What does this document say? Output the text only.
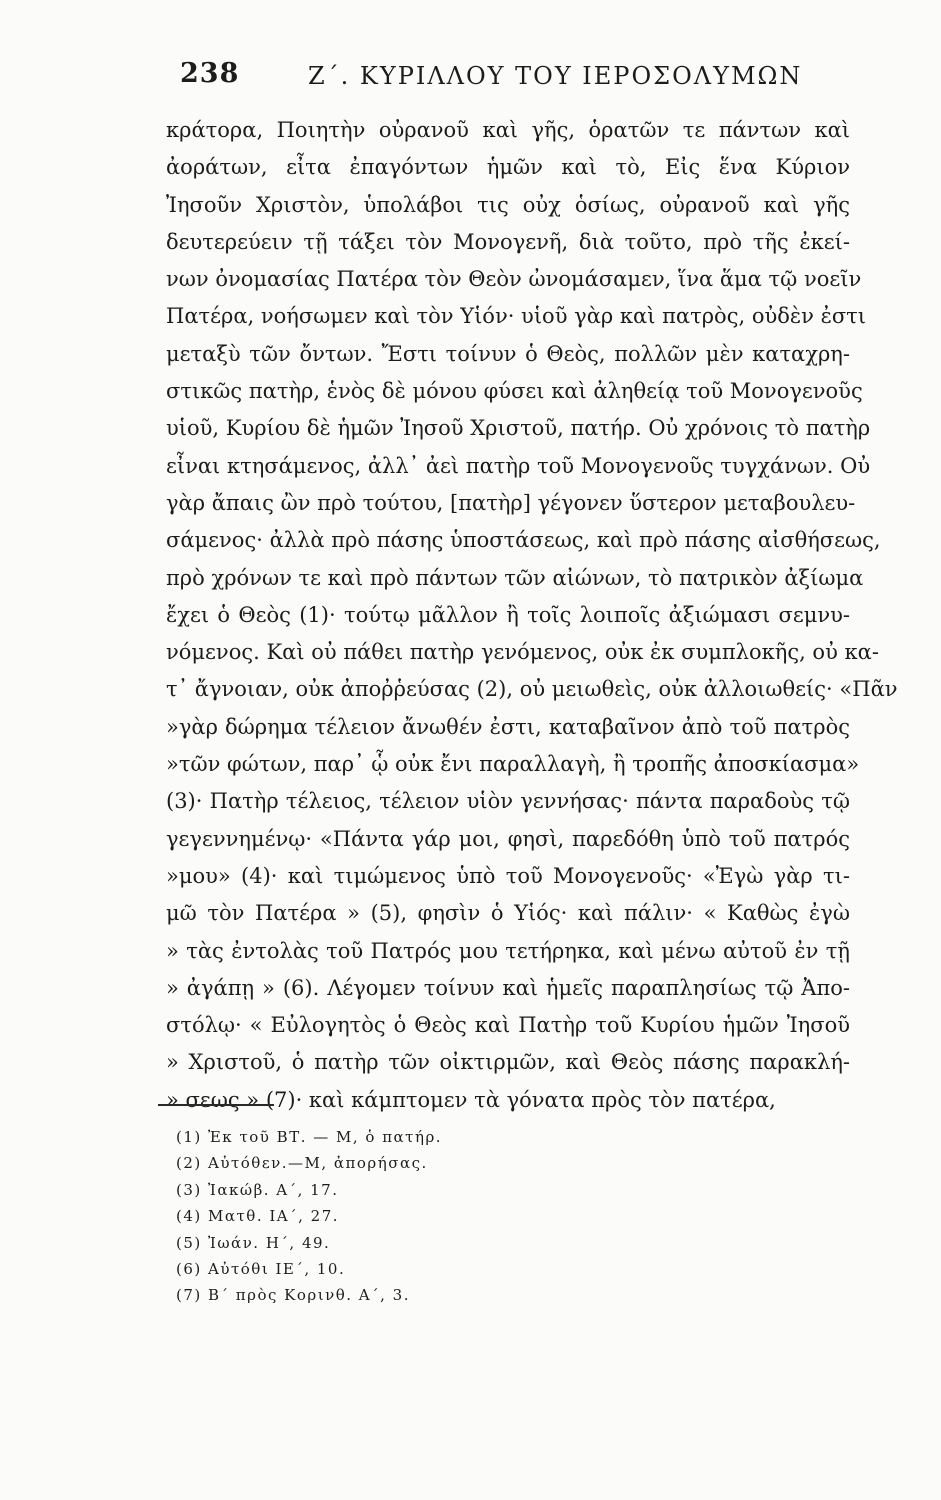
238	Ζ΄. ΚΥΡΙΛΛΟΥ ΤΟΥ ΙΕΡΟΣΟΛΥΜΩΝ
κράτορα, Ποιητὴν οὐρανοῦ καὶ γῆς, ὁρατῶν τε πάντων καὶ
ἀοράτων, εἶτα ἐπαγόντων ἡμῶν καὶ τὸ, Εἰς ἕνα Κύριον
Ἰησοῦν Χριστὸν, ὑπολάβοι τις οὐχ ὁσίως, οὐρανοῦ καὶ γῆς
δευτερεύειν τῇ τάξει τὸν Μονογενῆ, διὰ τοῦτο, πρὸ τῆς ἐκεί-
νων ὀνομασίας Πατέρα τὸν Θεὸν ὠνομάσαμεν, ἵνα ἅμα τῷ νοεῖν
Πατέρα, νοήσωμεν καὶ τὸν Υἱόν· υἱοῦ γὰρ καὶ πατρὸς, οὐδὲν ἐστι
μεταξὺ τῶν ὄντων. Ἔστι τοίνυν ὁ Θεὸς, πολλῶν μὲν καταχρη-
στικῶς πατὴρ, ἑνὸς δὲ μόνου φύσει καὶ ἀληθείᾳ τοῦ Μονογενοῦς
υἱοῦ, Κυρίου δὲ ἡμῶν Ἰησοῦ Χριστοῦ, πατήρ. Οὐ χρόνοις τὸ πατὴρ
εἶναι κτησάμενος, ἀλλ᾽ ἀεὶ πατὴρ τοῦ Μονογενοῦς τυγχάνων. Οὐ
γὰρ ἄπαις ὢν πρὸ τούτου, [πατὴρ] γέγονεν ὕστερον μεταβουλευ-
σάμενος· ἀλλὰ πρὸ πάσης ὑποστάσεως, καὶ πρὸ πάσης αἰσθήσεως,
πρὸ χρόνων τε καὶ πρὸ πάντων τῶν αἰώνων, τὸ πατρικὸν ἀξίωμα
ἔχει ὁ Θεὸς (1)· τούτῳ μᾶλλον ἢ τοῖς λοιποῖς ἀξιώμασι σεμνυ-
νόμενος. Καὶ οὐ πάθει πατὴρ γενόμενος, οὐκ ἐκ συμπλοκῆς, οὐ κα-
τ᾽ ἄγνοιαν, οὐκ ἀποῤῥεύσας (2), οὐ μειωθεὶς, οὐκ ἀλλοιωθείς· «Πᾶν
»γὰρ δώρημα τέλειον ἄνωθέν ἐστι, καταβαῖνον ἀπὸ τοῦ πατρὸς
»τῶν φώτων, παρ᾽ ᾧ οὐκ ἔνι παραλλαγὴ, ἢ τροπῆς ἀποσκίασμα»
(3)· Πατὴρ τέλειος, τέλειον υἱὸν γεννήσας· πάντα παραδοὺς τῷ
γεγεννημένῳ· «Πάντα γάρ μοι, φησὶ, παρεδόθη ὑπὸ τοῦ πατρός
»μου» (4)· καὶ τιμώμενος ὑπὸ τοῦ Μονογενοῦς· «Ἐγὼ γὰρ τι-
μῶ τὸν Πατέρα » (5), φησὶν ὁ Υἱός· καὶ πάλιν· « Καθὼς ἐγὼ
» τὰς ἐντολὰς τοῦ Πατρός μου τετήρηκα, καὶ μένω αὐτοῦ ἐν τῇ
» ἀγάπῃ » (6). Λέγομεν τοίνυν καὶ ἡμεῖς παραπλησίως τῷ Ἀπο-
στόλῳ· « Εὐλογητὸς ὁ Θεὸς καὶ Πατὴρ τοῦ Κυρίου ἡμῶν Ἰησοῦ
» Χριστοῦ, ὁ πατὴρ τῶν οἰκτιρμῶν, καὶ Θεὸς πάσης παρακλή-
» σεως » (7)· καὶ κάμπτομεν τὰ γόνατα πρὸς τὸν πατέρα,
(1) Ἐκ τοῦ ΒΤ. — Μ, ὁ πατήρ.
(2) Αὐτόθεν.—Μ, ἀπορήσας.
(3) Ἰακώβ. Α΄, 17.
(4) Ματθ. ΙΑ΄, 27.
(5) Ἰωάν. Η΄, 49.
(6) Αὐτόθι ΙΕ΄, 10.
(7) Β΄ πρὸς Κορινθ. Α΄, 3.
